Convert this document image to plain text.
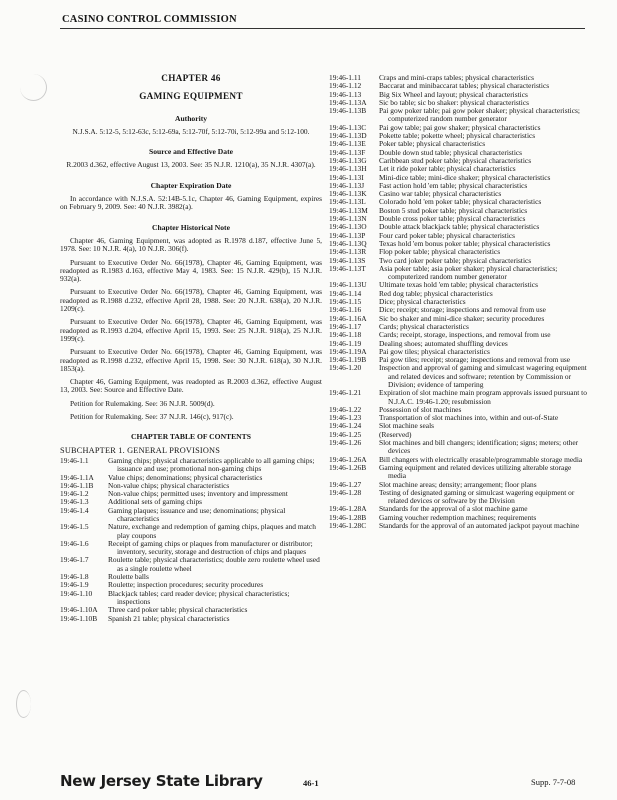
CASINO CONTROL COMMISSION
CHAPTER 46
GAMING EQUIPMENT
Authority
N.J.S.A. 5:12-5, 5:12-63c, 5:12-69a, 5:12-70f, 5:12-70i, 5:12-99a and 5:12-100.
Source and Effective Date
R.2003 d.362, effective August 13, 2003. See: 35 N.J.R. 1210(a), 35 N.J.R. 4307(a).
Chapter Expiration Date
In accordance with N.J.S.A. 52:14B-5.1c, Chapter 46, Gaming Equipment, expires on February 9, 2009. See: 40 N.J.R. 3982(a).
Chapter Historical Note
Chapter 46, Gaming Equipment, was adopted as R.1978 d.187, effective June 5, 1978. See: 10 N.J.R. 4(a), 10 N.J.R. 306(f).
Pursuant to Executive Order No. 66(1978), Chapter 46, Gaming Equipment, was readopted as R.1983 d.163, effective May 4, 1983. See: 15 N.J.R. 429(b), 15 N.J.R. 932(a).
Pursuant to Executive Order No. 66(1978), Chapter 46, Gaming Equipment, was readopted as R.1988 d.232, effective April 28, 1988. See: 20 N.J.R. 638(a), 20 N.J.R. 1209(c).
Pursuant to Executive Order No. 66(1978), Chapter 46, Gaming Equipment, was readopted as R.1993 d.204, effective April 15, 1993. See: 25 N.J.R. 918(a), 25 N.J.R. 1999(c).
Pursuant to Executive Order No. 66(1978), Chapter 46, Gaming Equipment, was readopted as R.1998 d.232, effective April 15, 1998. See: 30 N.J.R. 618(a), 30 N.J.R. 1853(a).
Chapter 46, Gaming Equipment, was readopted as R.2003 d.362, effective August 13, 2003. See: Source and Effective Date.
Petition for Rulemaking. See: 36 N.J.R. 5009(d).
Petition for Rulemaking. See: 37 N.J.R. 146(c), 917(c).
CHAPTER TABLE OF CONTENTS
SUBCHAPTER 1. GENERAL PROVISIONS
19:46-1.1	Gaming chips; physical characteristics applicable to all gaming chips; issuance and use; promotional non-gaming chips
19:46-1.1A	Value chips; denominations; physical characteristics
19:46-1.1B	Non-value chips; physical characteristics
19:46-1.2	Non-value chips; permitted uses; inventory and impressment
19:46-1.3	Additional sets of gaming chips
19:46-1.4	Gaming plaques; issuance and use; denominations; physical characteristics
19:46-1.5	Nature, exchange and redemption of gaming chips, plaques and match play coupons
19:46-1.6	Receipt of gaming chips or plaques from manufacturer or distributor; inventory, security, storage and destruction of chips and plaques
19:46-1.7	Roulette table; physical characteristics; double zero roulette wheel used as a single roulette wheel
19:46-1.8	Roulette balls
19:46-1.9	Roulette; inspection procedures; security procedures
19:46-1.10	Blackjack tables; card reader device; physical characteristics; inspections
19:46-1.10A	Three card poker table; physical characteristics
19:46-1.10B	Spanish 21 table; physical characteristics
19:46-1.11	Craps and mini-craps tables; physical characteristics
19:46-1.12	Baccarat and minibaccarat tables; physical characteristics
19:46-1.13	Big Six Wheel and layout; physical characteristics
19:46-1.13A	Sic bo table; sic bo shaker: physical characteristics
19:46-1.13B	Pai gow poker table; pai gow poker shaker; physical characteristics; computerized random number generator
19:46-1.13C	Pai gow table; pai gow shaker; physical characteristics
19:46-1.13D	Pokette table; pokette wheel; physical characteristics
19:46-1.13E	Poker table; physical characteristics
19:46-1.13F	Double down stud table; physical characteristics
19:46-1.13G	Caribbean stud poker table; physical characteristics
19:46-1.13H	Let it ride poker table; physical characteristics
19:46-1.13I	Mini-dice table; mini-dice shaker; physical characteristics
19:46-1.13J	Fast action hold 'em table; physical characteristics
19:46-1.13K	Casino war table; physical characteristics
19:46-1.13L	Colorado hold 'em poker table; physical characteristics
19:46-1.13M	Boston 5 stud poker table; physical characteristics
19:46-1.13N	Double cross poker table; physical characteristics
19:46-1.13O	Double attack blackjack table; physical characteristics
19:46-1.13P	Four card poker table; physical characteristics
19:46-1.13Q	Texas hold 'em bonus poker table; physical characteristics
19:46-1.13R	Flop poker table; physical characteristics
19:46-1.13S	Two card joker poker table; physical characteristics
19:46-1.13T	Asia poker table; asia poker shaker; physical characteristics; computerized random number generator
19:46-1.13U	Ultimate texas hold 'em table; physical characteristics
19:46-1.14	Red dog table; physical characteristics
19:46-1.15	Dice; physical characteristics
19:46-1.16	Dice; receipt; storage; inspections and removal from use
19:46-1.16A	Sic bo shaker and mini-dice shaker; security procedures
19:46-1.17	Cards; physical characteristics
19:46-1.18	Cards; receipt, storage, inspections, and removal from use
19:46-1.19	Dealing shoes; automated shuffling devices
19:46-1.19A	Pai gow tiles; physical characteristics
19:46-1.19B	Pai gow tiles; receipt; storage; inspections and removal from use
19:46-1.20	Inspection and approval of gaming and simulcast wagering equipment and related devices and software; retention by Commission or Division; evidence of tampering
19:46-1.21	Expiration of slot machine main program approvals issued pursuant to N.J.A.C. 19:46-1.20; resubmission
19:46-1.22	Possession of slot machines
19:46-1.23	Transportation of slot machines into, within and out-of-State
19:46-1.24	Slot machine seals
19:46-1.25	(Reserved)
19:46-1.26	Slot machines and bill changers; identification; signs; meters; other devices
19:46-1.26A	Bill changers with electrically erasable/programmable storage media
19:46-1.26B	Gaming equipment and related devices utilizing alterable storage media
19:46-1.27	Slot machine areas; density; arrangement; floor plans
19:46-1.28	Testing of designated gaming or simulcast wagering equipment or related devices or software by the Division
19:46-1.28A	Standards for the approval of a slot machine game
19:46-1.28B	Gaming voucher redemption machines; requirements
19:46-1.28C	Standards for the approval of an automated jackpot payout machine
New Jersey State Library	46-1	Supp. 7-7-08
